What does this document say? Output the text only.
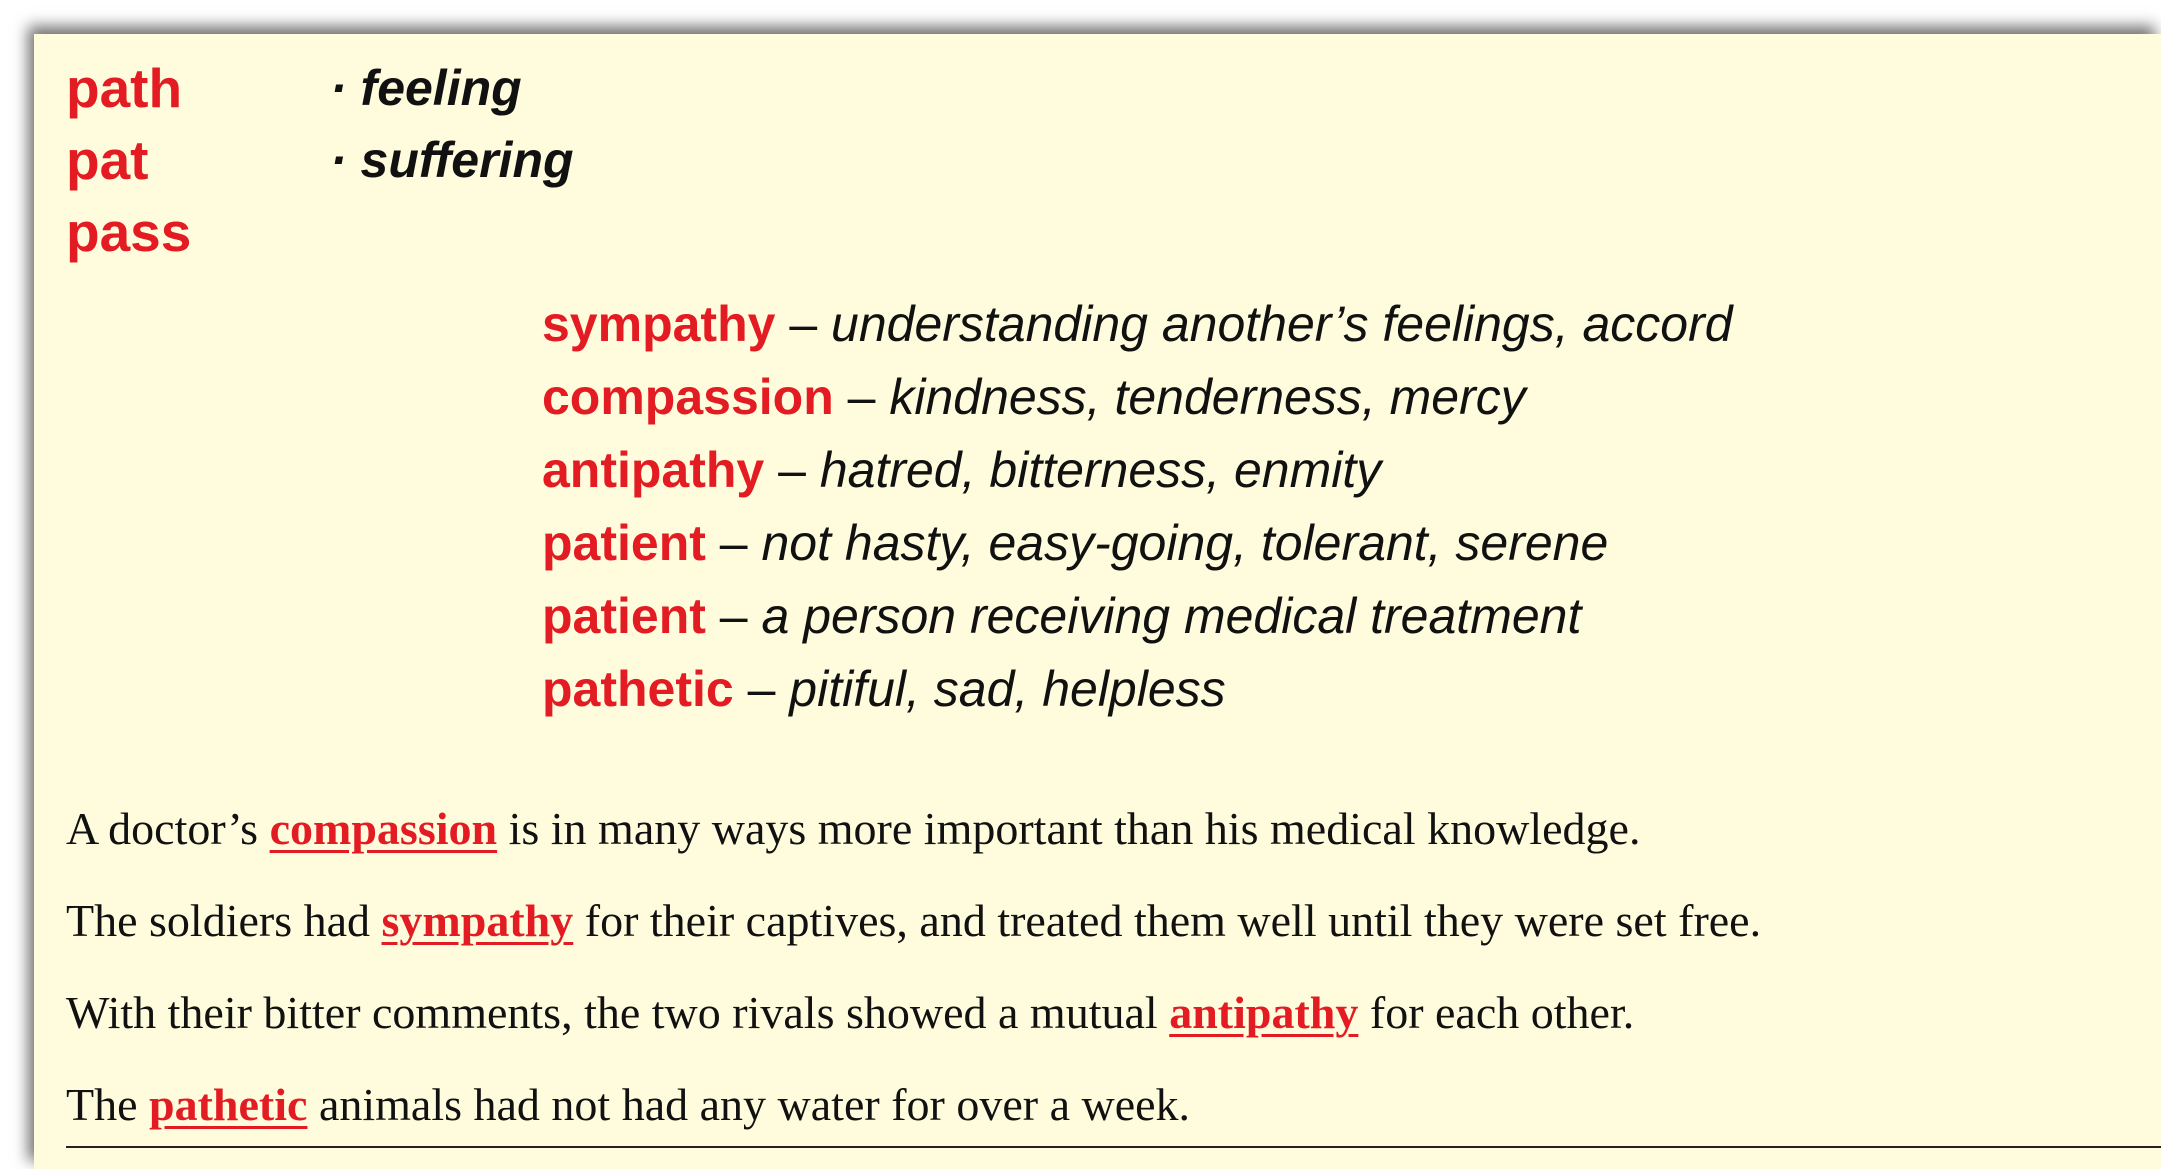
path	· feeling
pat	· suffering
pass
sympathy – understanding another’s feelings, accord
compassion – kindness, tenderness, mercy
antipathy – hatred, bitterness, enmity
patient – not hasty, easy-going, tolerant, serene
patient – a person receiving medical treatment
pathetic – pitiful, sad, helpless
A doctor’s compassion is in many ways more important than his medical knowledge.
The soldiers had sympathy for their captives, and treated them well until they were set free.
With their bitter comments, the two rivals showed a mutual antipathy for each other.
The pathetic animals had not had any water for over a week.
